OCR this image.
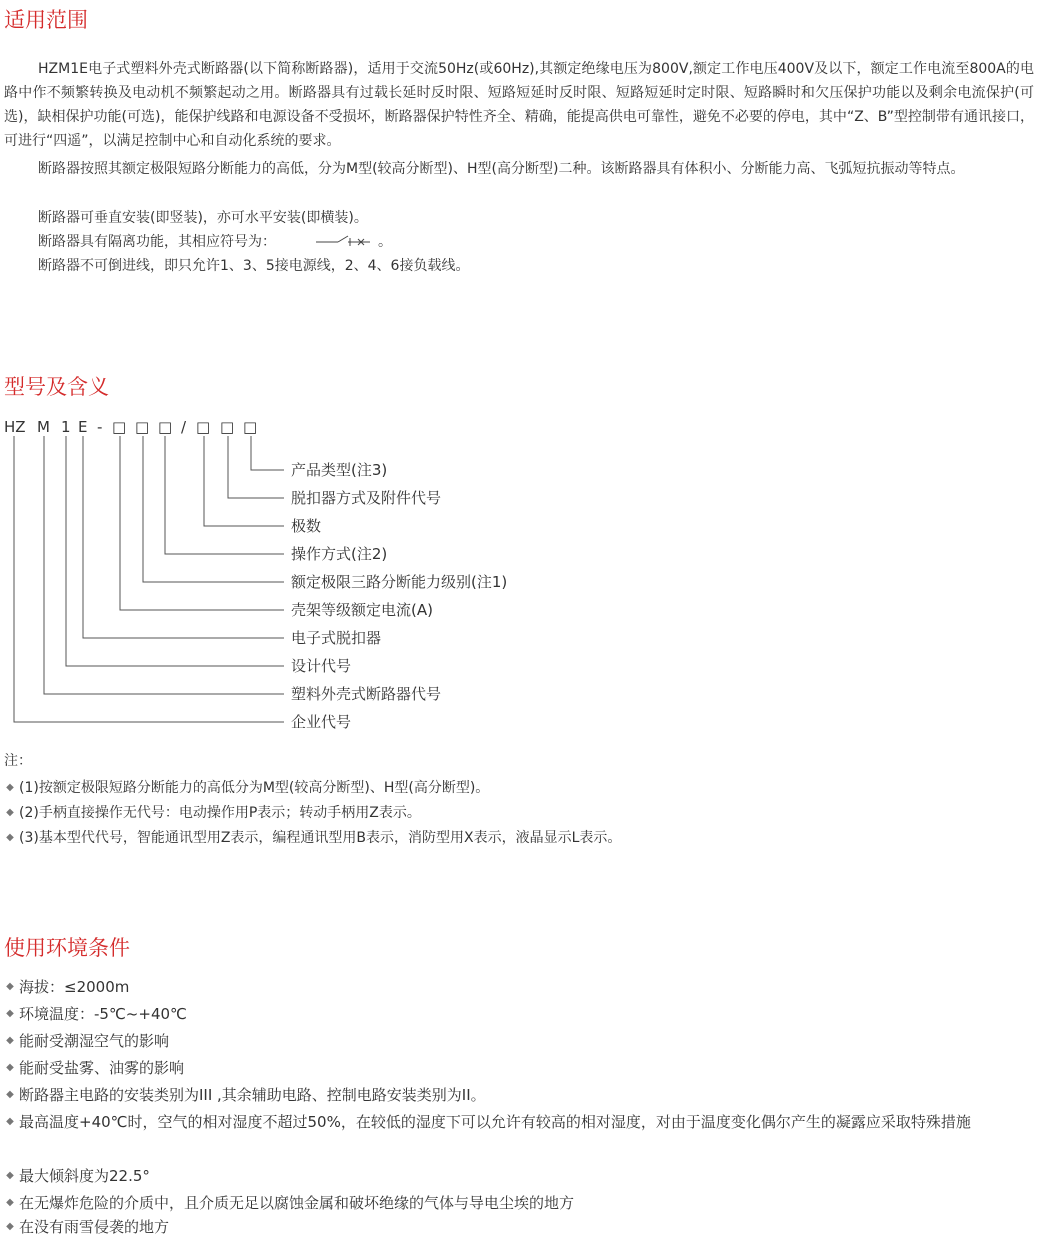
适用范围

HZM1E电子式塑料外壳式断路器(以下简称断路器)，适用于交流50Hz(或60Hz),其额定绝缘电压为800V,额定工作电压400V及以下，额定工作电流至800A的电路中作不频繁转换及电动机不频繁起动之用。断路器具有过载长延时反时限、短路短延时反时限、短路短延时定时限、短路瞬时和欠压保护功能以及剩余电流保护(可选)，缺相保护功能(可选)，能保护线路和电源设备不受损坏，断路器保护特性齐全、精确，能提高供电可靠性，避免不必要的停电，其中“Z、B”型控制带有通讯接口，可进行“四遥”，以满足控制中心和自动化系统的要求。

断路器按照其额定极限短路分断能力的高低，分为M型(较高分断型)、H型(高分断型)二种。该断路器具有体积小、分断能力高、飞弧短抗振动等特点。

断路器可垂直安装(即竖装)，亦可水平安装(即横装)。

断路器具有隔离功能，其相应符号为：	。

断路器不可倒进线，即只允许1、3、5接电源线，2、4、6接负载线。

型号及含义
HZ M 1 E - □ □ □ / □ □ □
产品类型(注3)
脱扣器方式及附件代号
极数
操作方式(注2)
额定极限三路分断能力级别(注1)
壳架等级额定电流(A)
电子式脱扣器
设计代号
塑料外壳式断路器代号
企业代号

注：

◆ (1)按额定极限短路分断能力的高低分为M型(较高分断型)、H型(高分断型)。
◆ (2)手柄直接操作无代号：电动操作用P表示；转动手柄用Z表示。
◆ (3)基本型代代号，智能通讯型用Z表示，编程通讯型用B表示，消防型用X表示，液晶显示L表示。
使用环境条件
◆ 海拔：≤2000m
◆ 环境温度：-5℃~+40℃
◆ 能耐受潮湿空气的影响
◆ 能耐受盐雾、油雾的影响
◆ 断路器主电路的安装类别为III ,其余辅助电路、控制电路安装类别为II。
◆ 最高温度+40℃时，空气的相对湿度不超过50%，在较低的湿度下可以允许有较高的相对湿度，对由于温度变化偶尔产生的凝露应采取特殊措施
◆ 最大倾斜度为22.5°
◆ 在无爆炸危险的介质中，且介质无足以腐蚀金属和破坏绝缘的气体与导电尘埃的地方
◆ 在没有雨雪侵袭的地方
